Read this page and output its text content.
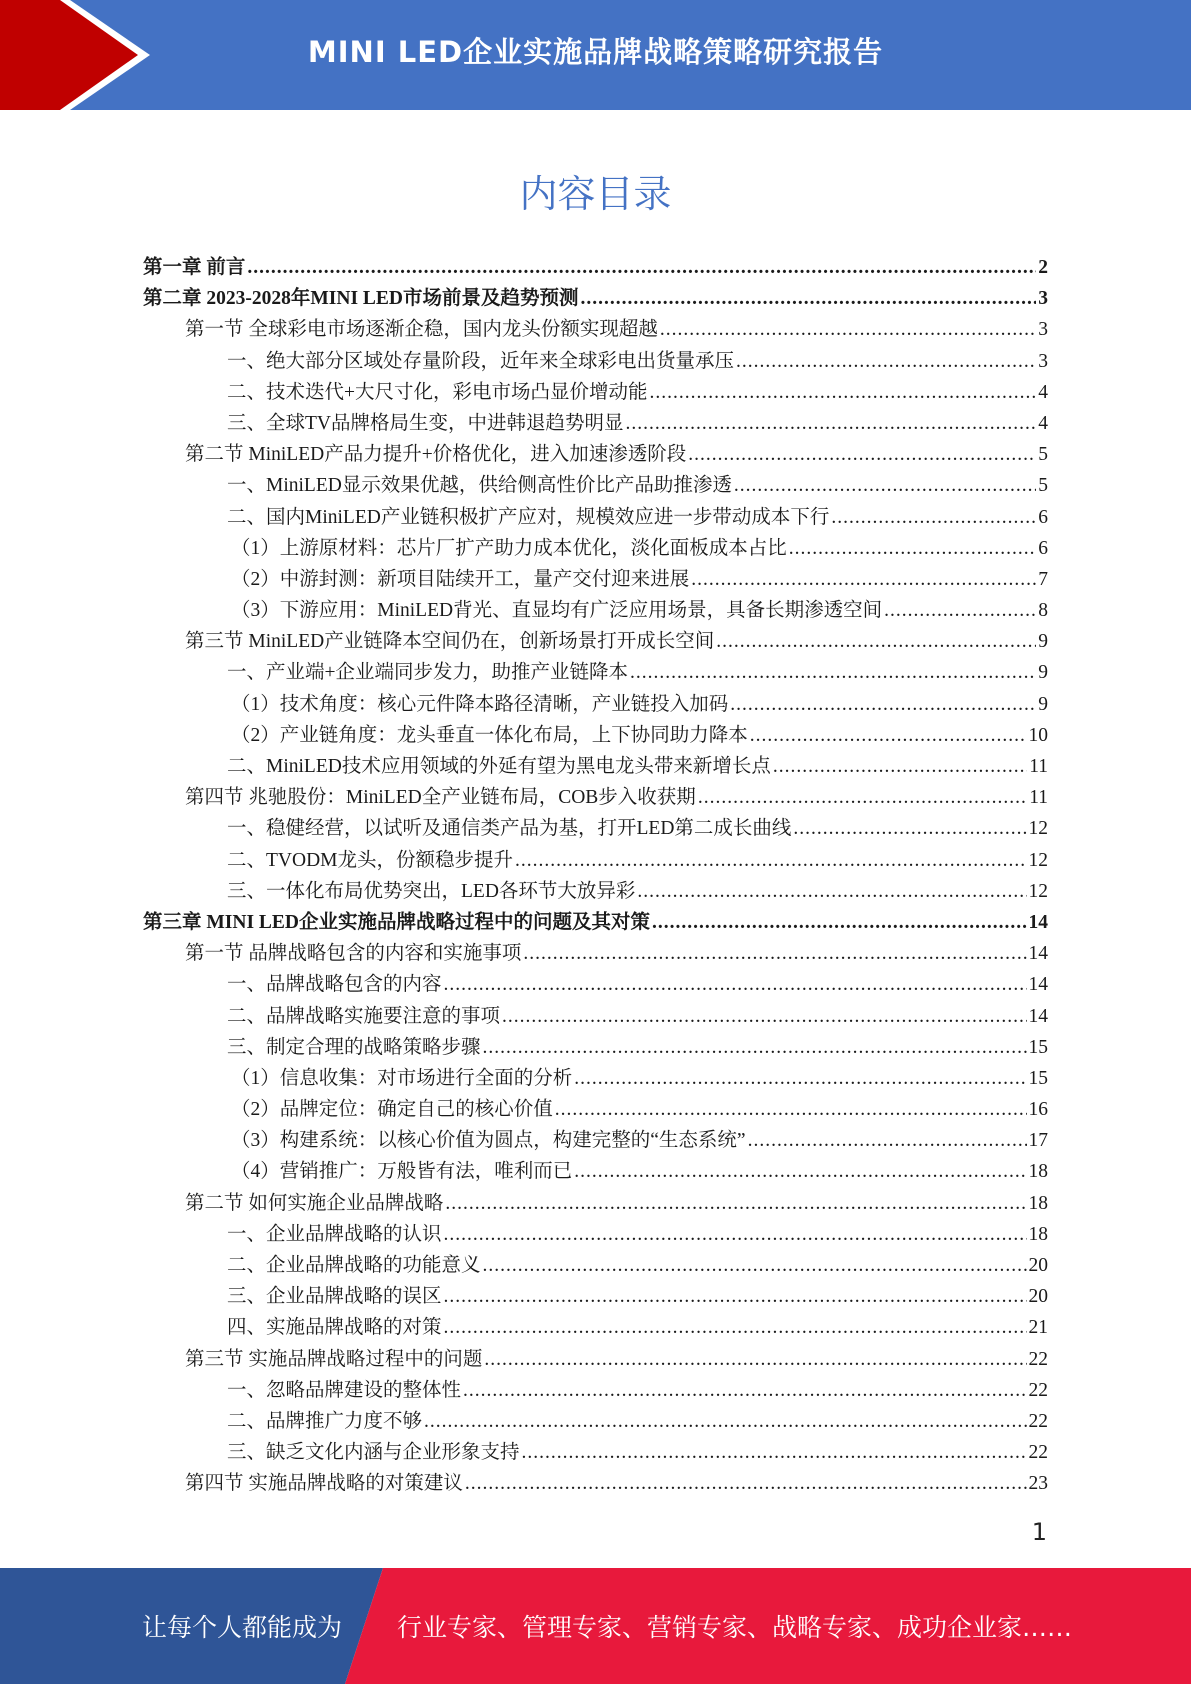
MINI LED企业实施品牌战略策略研究报告
内容目录
第一章 前言 .....	2
第二章 2023-2028年MINI LED市场前景及趋势预测 .....	3
第一节 全球彩电市场逐渐企稳，国内龙头份额实现超越 .....	3
一、绝大部分区域处存量阶段，近年来全球彩电出货量承压 .....	3
二、技术迭代+大尺寸化，彩电市场凸显价增动能 .....	4
三、全球TV品牌格局生变，中进韩退趋势明显 .....	4
第二节 MiniLED产品力提升+价格优化，进入加速渗透阶段 .....	5
一、MiniLED显示效果优越，供给侧高性价比产品助推渗透 .....	5
二、国内MiniLED产业链积极扩产应对，规模效应进一步带动成本下行 .....	6
（1）上游原材料：芯片厂扩产助力成本优化，淡化面板成本占比 .....	6
（2）中游封测：新项目陆续开工，量产交付迎来进展 .....	7
（3）下游应用：MiniLED背光、直显均有广泛应用场景，具备长期渗透空间 .....	8
第三节 MiniLED产业链降本空间仍在，创新场景打开成长空间 .....	9
一、产业端+企业端同步发力，助推产业链降本 .....	9
（1）技术角度：核心元件降本路径清晰，产业链投入加码 .....	9
（2）产业链角度：龙头垂直一体化布局，上下协同助力降本 .....	10
二、MiniLED技术应用领域的外延有望为黑电龙头带来新增长点 .....	11
第四节 兆驰股份：MiniLED全产业链布局，COB步入收获期 .....	11
一、稳健经营，以试听及通信类产品为基，打开LED第二成长曲线 .....	12
二、TVODM龙头，份额稳步提升 .....	12
三、一体化布局优势突出，LED各环节大放异彩 .....	12
第三章 MINI LED企业实施品牌战略过程中的问题及其对策 .....	14
第一节 品牌战略包含的内容和实施事项 .....	14
一、品牌战略包含的内容 .....	14
二、品牌战略实施要注意的事项 .....	14
三、制定合理的战略策略步骤 .....	15
（1）信息收集：对市场进行全面的分析 .....	15
（2）品牌定位：确定自己的核心价值 .....	16
（3）构建系统：以核心价值为圆点，构建完整的“生态系统” .....	17
（4）营销推广：万般皆有法，唯利而已 .....	18
第二节 如何实施企业品牌战略 .....	18
一、企业品牌战略的认识 .....	18
二、企业品牌战略的功能意义 .....	20
三、企业品牌战略的误区 .....	20
四、实施品牌战略的对策 .....	21
第三节 实施品牌战略过程中的问题 .....	22
一、忽略品牌建设的整体性 .....	22
二、品牌推广力度不够 .....	22
三、缺乏文化内涵与企业形象支持 .....	22
第四节 实施品牌战略的对策建议 .....	23
1
让每个人都能成为 行业专家、管理专家、营销专家、战略专家、成功企业家……
